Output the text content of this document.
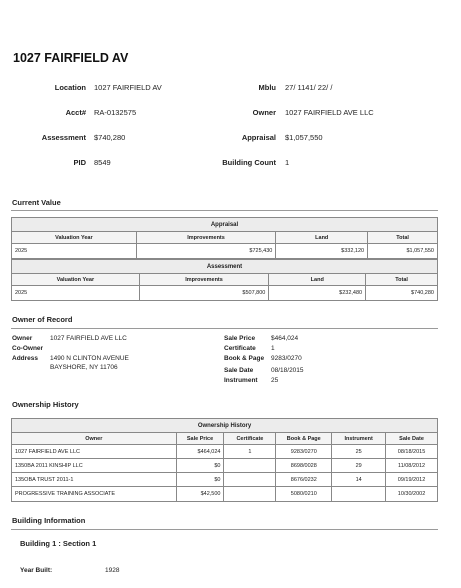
1027 FAIRFIELD AV
Location 1027 FAIRFIELD AV	Mblu 27/ 1141/ 22/ /
Acct# RA-0132575	Owner 1027 FAIRFIELD AVE LLC
Assessment $740,280	Appraisal $1,057,550
PID 8549	Building Count 1
Current Value
Appraisal			
Valuation Year	Improvements	Land	Total
2025	$725,430	$332,120	$1,057,550
Assessment			
Valuation Year	Improvements	Land	Total
2025	$507,800	$232,480	$740,280
Owner of Record
Owner	1027 FAIRFIELD AVE LLC
Co-Owner
Address 1490 N CLINTON AVENUE
BAYSHORE, NY 11706
Sale Price $464,024
Certificate 1
Book & Page 9283/0270
Sale Date	08/18/2015
Instrument 25
Ownership History
Ownership History					
Owner	Sale Price	Certificate	Book & Page	Instrument	Sale Date
1027 FAIRFIELD AVE LLC	$464,024	1	9283/0270	25	08/18/2015
1350BA 2011 KINSHIP LLC	$0		8698/0028	29	11/08/2012
135OBA TRUST 2011-1	$0		8676/0232	14	09/19/2012
PROGRESSIVE TRAINING ASSOCIATE	$42,500		5080/0210		10/30/2002
Building Information
Building 1 : Section 1
Year Built:	1928
